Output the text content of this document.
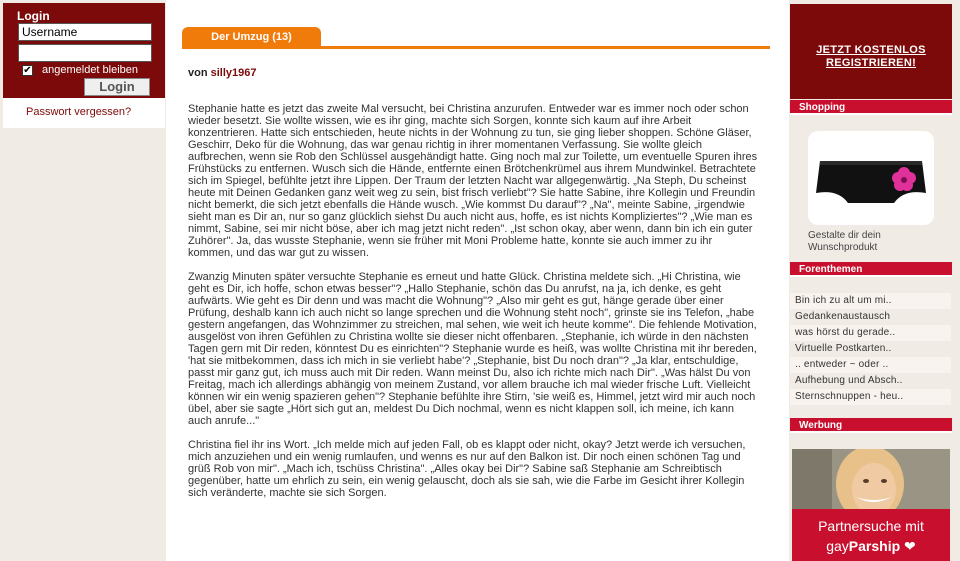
Login
Username
✔ angemeldet bleiben
Login
Passwort vergessen?
Der Umzug (13)
von silly1967

Stephanie hatte es jetzt das zweite Mal versucht, bei Christina anzurufen. Entweder war es immer noch oder schon wieder besetzt. Sie wollte wissen, wie es ihr ging, machte sich Sorgen, konnte sich kaum auf ihre Arbeit konzentrieren. Hatte sich entschieden, heute nichts in der Wohnung zu tun, sie ging lieber shoppen. Schöne Gläser, Geschirr, Deko für die Wohnung, das war genau richtig in ihrer momentanen Verfassung. Sie wollte gleich aufbrechen, wenn sie Rob den Schlüssel ausgehändigt hatte. Ging noch mal zur Toilette, um eventuelle Spuren ihres Frühstücks zu entfernen. Wusch sich die Hände, entfernte einen Brötchenkrümel aus ihrem Mundwinkel. Betrachtete sich im Spiegel, befühlte jetzt ihre Lippen. Der Traum der letzten Nacht war allgegenwärtig. „Na Steph, Du scheinst heute mit Deinen Gedanken ganz weit weg zu sein, bist frisch verliebt"? Sie hatte Sabine, ihre Kollegin und Freundin nicht bemerkt, die sich jetzt ebenfalls die Hände wusch. „Wie kommst Du darauf"? „Na", meinte Sabine, „irgendwie sieht man es Dir an, nur so ganz glücklich siehst Du auch nicht aus, hoffe, es ist nichts Kompliziertes"? „Wie man es nimmt, Sabine, sei mir nicht böse, aber ich mag jetzt nicht reden". „Ist schon okay, aber wenn, dann bin ich ein guter Zuhörer". Ja, das wusste Stephanie, wenn sie früher mit Moni Probleme hatte, konnte sie auch immer zu ihr kommen, und das war gut zu wissen.

Zwanzig Minuten später versuchte Stephanie es erneut und hatte Glück. Christina meldete sich. „Hi Christina, wie geht es Dir, ich hoffe, schon etwas besser"? „Hallo Stephanie, schön das Du anrufst, na ja, ich denke, es geht aufwärts. Wie geht es Dir denn und was macht die Wohnung"? „Also mir geht es gut, hänge gerade über einer Prüfung, deshalb kann ich auch nicht so lange sprechen und die Wohnung steht noch", grinste sie ins Telefon, „habe gestern angefangen, das Wohnzimmer zu streichen, mal sehen, wie weit ich heute komme". Die fehlende Motivation, ausgelöst von ihren Gefühlen zu Christina wollte sie dieser nicht offenbaren. „Stephanie, ich würde in den nächsten Tagen gern mit Dir reden, könntest Du es einrichten"? Stephanie wurde es heiß, was wollte Christina mit ihr bereden, 'hat sie mitbekommen, dass ich mich in sie verliebt habe'? „Stephanie, bist Du noch dran"? „Ja klar, entschuldige, passt mir ganz gut, ich muss auch mit Dir reden. Wann meinst Du, also ich richte mich nach Dir". „Was hälst Du von Freitag, mach ich allerdings abhängig von meinem Zustand, vor allem brauche ich mal wieder frische Luft. Vielleicht können wir ein wenig spazieren gehen"? Stephanie befühlte ihre Stirn, 'sie weiß es, Himmel, jetzt wird mir auch noch übel, aber sie sagte „Hört sich gut an, meldest Du Dich nochmal, wenn es nicht klappen soll, ich meine, ich kann auch anrufe..."

Christina fiel ihr ins Wort. „Ich melde mich auf jeden Fall, ob es klappt oder nicht, okay? Jetzt werde ich versuchen, mich anzuziehen und ein wenig rumlaufen, und wenns es nur auf den Balkon ist. Dir noch einen schönen Tag und grüß Rob von mir". „Mach ich, tschüss Christina". „Alles okay bei Dir"? Sabine saß Stephanie am Schreibtisch gegenüber, hatte um ehrlich zu sein, ein wenig gelauscht, doch als sie sah, wie die Farbe im Gesicht ihrer Kollegin sich veränderte, machte sie sich Sorgen.

JETZT KOSTENLOS
REGISTRIEREN!
Shopping
Gestalte dir dein Wunschprodukt
Forenthemen
Bin ich zu alt um mi..
Gedankenaustausch
was hörst du gerade..
Virtuelle Postkarten..
.. entweder ~ oder ..
Aufhebung und Absch..
Sternschnuppen - heu..
Werbung
Partnersuche mit
gayParship ❤
